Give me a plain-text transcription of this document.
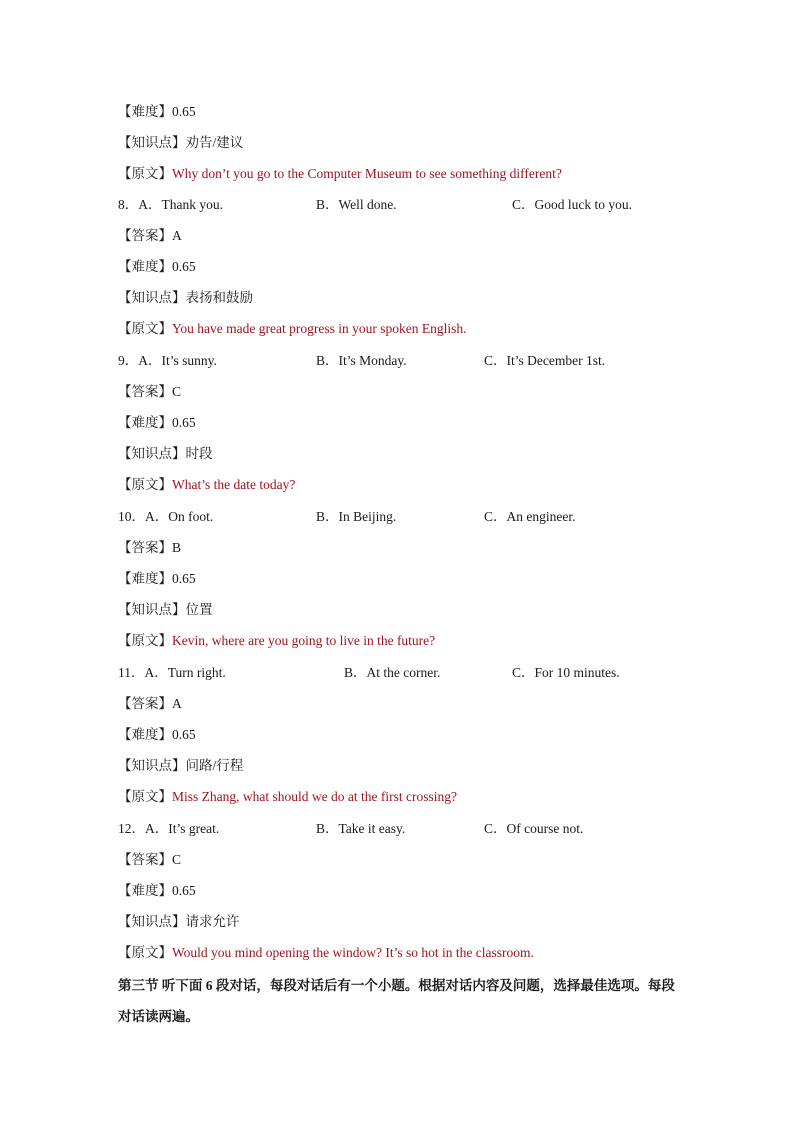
【难度】0.65
【知识点】劝告/建议
【原文】Why don’t you go to the Computer Museum to see something different?
8．A．Thank you.	B．Well done.	C．Good luck to you.
【答案】A
【难度】0.65
【知识点】表扬和鼓励
【原文】You have made great progress in your spoken English.
9．A．It’s sunny.	B．It’s Monday.	C．It’s December 1st.
【答案】C
【难度】0.65
【知识点】时段
【原文】What’s the date today?
10．A．On foot.	B．In Beijing.	C．An engineer.
【答案】B
【难度】0.65
【知识点】位置
【原文】Kevin, where are you going to live in the future?
11．A．Turn right.	B．At the corner.	C．For 10 minutes.
【答案】A
【难度】0.65
【知识点】问路/行程
【原文】Miss Zhang, what should we do at the first crossing?
12．A．It’s great.	B．Take it easy.	C．Of course not.
【答案】C
【难度】0.65
【知识点】请求允许
【原文】Would you mind opening the window? It’s so hot in the classroom.
第三节 听下面 6 段对话，每段对话后有一个小题。根据对话内容及问题，选择最佳选项。每段对话读两遍。
